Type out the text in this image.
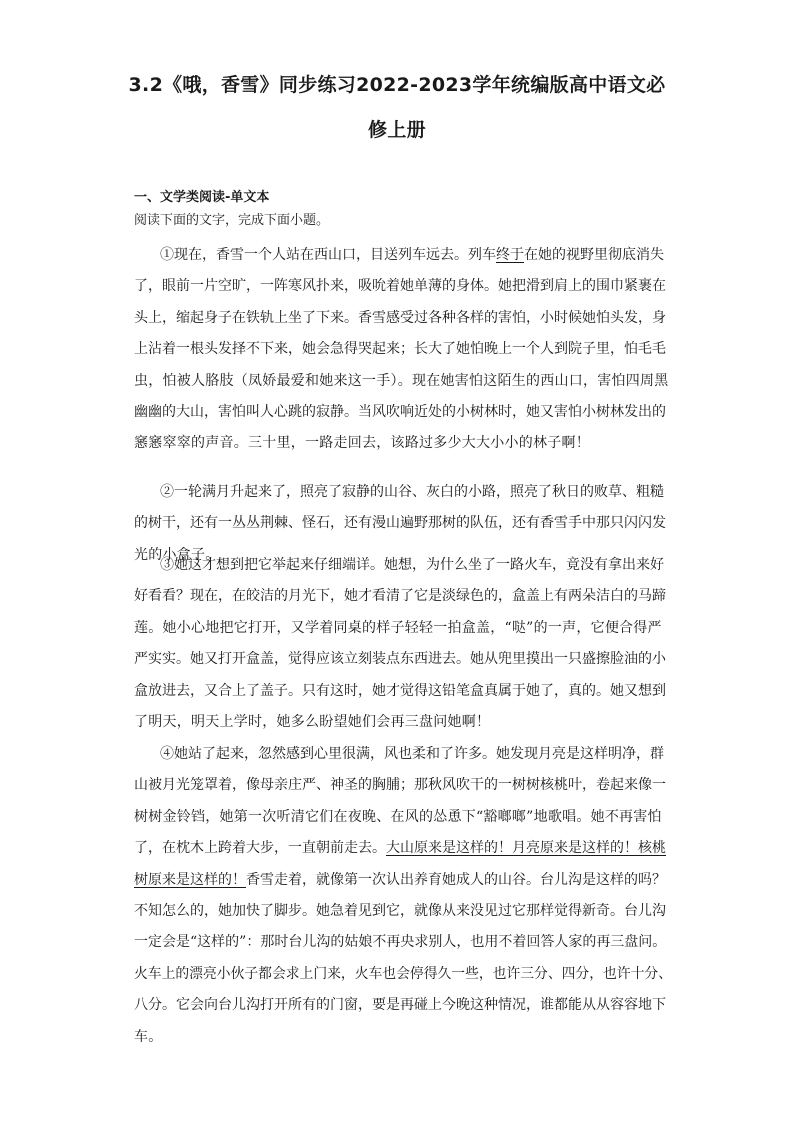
3.2《哦，香雪》同步练习2022-2023学年统编版高中语文必
修上册
一、文学类阅读-单文本
阅读下面的文字，完成下面小题。
①现在，香雪一个人站在西山口，目送列车远去。列车终于在她的视野里彻底消失
了，眼前一片空旷，一阵寒风扑来，吸吮着她单薄的身体。她把滑到肩上的围巾紧裹在
头上，缩起身子在铁轨上坐了下来。香雪感受过各种各样的害怕，小时候她怕头发，身
上沾着一根头发择不下来，她会急得哭起来；长大了她怕晚上一个人到院子里，怕毛毛
虫，怕被人胳肢（凤娇最爱和她来这一手）。现在她害怕这陌生的西山口，害怕四周黑
幽幽的大山，害怕叫人心跳的寂静。当风吹响近处的小树林时，她又害怕小树林发出的
窸窸窣窣的声音。三十里，一路走回去，该路过多少大大小小的林子啊！
②一轮满月升起来了，照亮了寂静的山谷、灰白的小路，照亮了秋日的败草、粗糙
的树干，还有一丛丛荆棘、怪石，还有漫山遍野那树的队伍，还有香雪手中那只闪闪发
光的小盒子。
③她这才想到把它举起来仔细端详。她想，为什么坐了一路火车，竟没有拿出来好
好看看？现在，在皎洁的月光下，她才看清了它是淡绿色的，盒盖上有两朵洁白的马蹄
莲。她小心地把它打开，又学着同桌的样子轻轻一拍盒盖，“哒”的一声，它便合得严
严实实。她又打开盒盖，觉得应该立刻装点东西进去。她从兜里摸出一只盛擦脸油的小
盒放进去，又合上了盖子。只有这时，她才觉得这铅笔盒真属于她了，真的。她又想到
了明天，明天上学时，她多么盼望她们会再三盘问她啊！
④她站了起来，忽然感到心里很满，风也柔和了许多。她发现月亮是这样明净，群
山被月光笼罩着，像母亲庄严、神圣的胸脯；那秋风吹干的一树树核桃叶，卷起来像一
树树金铃铛，她第一次听清它们在夜晚、在风的怂恿下“豁啷啷”地歌唱。她不再害怕
了，在枕木上跨着大步，一直朝前走去。大山原来是这样的！月亮原来是这样的！核桃
树原来是这样的！香雪走着，就像第一次认出养育她成人的山谷。台儿沟是这样的吗？
不知怎么的，她加快了脚步。她急着见到它，就像从来没见过它那样觉得新奇。台儿沟
一定会是“这样的”：那时台儿沟的姑娘不再央求别人，也用不着回答人家的再三盘问。
火车上的漂亮小伙子都会求上门来，火车也会停得久一些，也许三分、四分，也许十分、
八分。它会向台儿沟打开所有的门窗，要是再碰上今晚这种情况，谁都能从从容容地下
车。
